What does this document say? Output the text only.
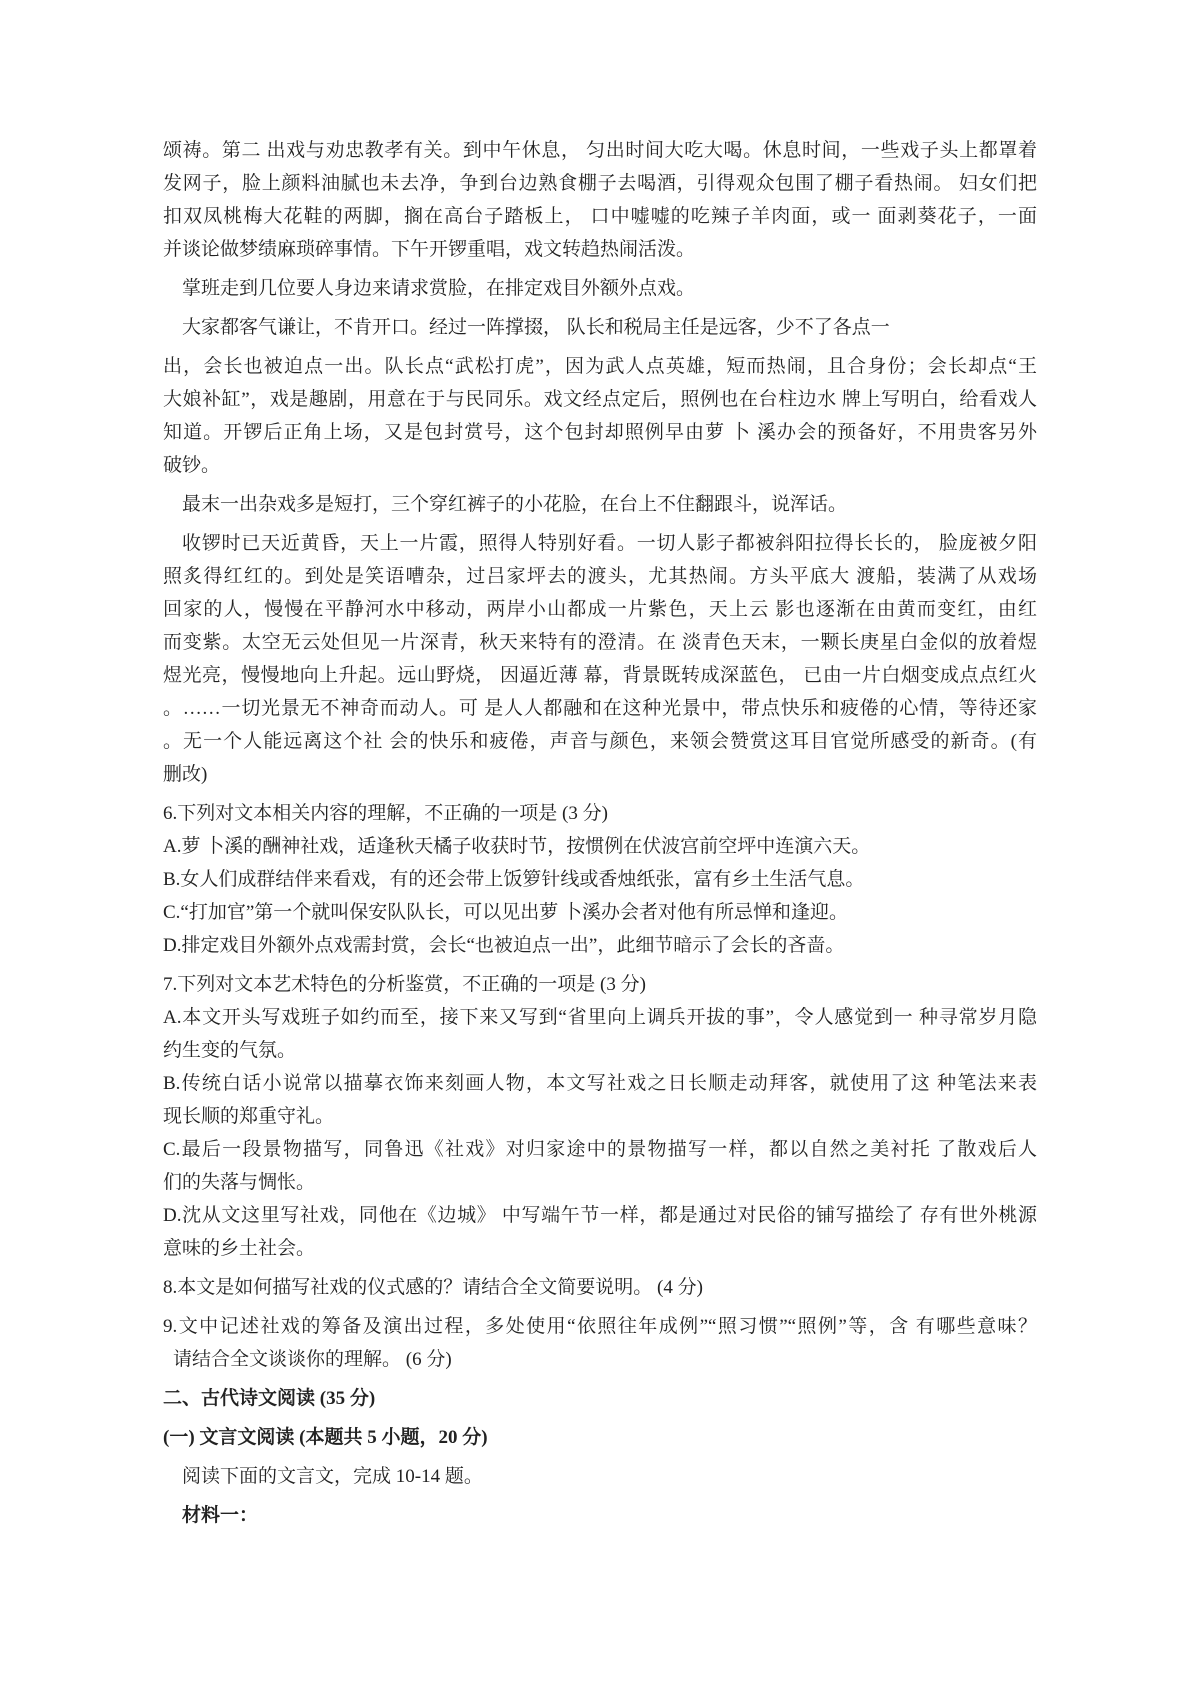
颂祷。第二 出戏与劝忠教孝有关。到中午休息， 匀出时间大吃大喝。休息时间，一些戏子头上都罩着
发网子，脸上颜料油腻也未去净，争到台边熟食棚子去喝酒，引得观众包围了棚子看热闹。 妇女们把
扣双凤桃梅大花鞋的两脚，搁在高台子踏板上， 口中嘘嘘的吃辣子羊肉面，或一 面剥葵花子，一面
并谈论做梦绩麻琐碎事情。下午开锣重唱，戏文转趋热闹活泼。
掌班走到几位要人身边来请求赏脸，在排定戏目外额外点戏。
大家都客气谦让，不肯开口。经过一阵撑掇， 队长和税局主任是远客，少不了各点一
出，会长也被迫点一出。队长点“武松打虎”，因为武人点英雄，短而热闹，且合身份；会长却点“王
大娘补缸”，戏是趣剧，用意在于与民同乐。戏文经点定后，照例也在台柱边水 牌上写明白，给看戏人
知道。开锣后正角上场，又是包封赏号，这个包封却照例早由萝 卜 溪办会的预备好，不用贵客另外
破钞。
最末一出杂戏多是短打，三个穿红裤子的小花脸，在台上不住翻跟斗，说浑话。
收锣时已天近黄昏，天上一片霞，照得人特别好看。一切人影子都被斜阳拉得长长的， 脸庞被夕阳
照炙得红红的。到处是笑语嘈杂，过吕家坪去的渡头，尤其热闹。方头平底大 渡船，装满了从戏场
回家的人，慢慢在平静河水中移动，两岸小山都成一片紫色，天上云 影也逐渐在由黄而变红，由红
而变紫。太空无云处但见一片深青，秋天来特有的澄清。在 淡青色天末，一颗长庚星白金似的放着煜
煜光亮，慢慢地向上升起。远山野烧， 因逼近薄 幕，背景既转成深蓝色， 已由一片白烟变成点点红火
。……一切光景无不神奇而动人。可 是人人都融和在这种光景中，带点快乐和疲倦的心情，等待还家
。无一个人能远离这个社 会的快乐和疲倦，声音与颜色，来领会赞赏这耳目官觉所感受的新奇。(有
删改)
6.下列对文本相关内容的理解，不正确的一项是 (3 分)
A.萝 卜溪的酬神社戏，适逢秋天橘子收获时节，按惯例在伏波宫前空坪中连演六天。
B.女人们成群结伴来看戏，有的还会带上饭箩针线或香烛纸张，富有乡土生活气息。
C.“打加官”第一个就叫保安队队长，可以见出萝 卜溪办会者对他有所忌惮和逢迎。
D.排定戏目外额外点戏需封赏，会长“也被迫点一出”，此细节暗示了会长的吝啬。
7.下列对文本艺术特色的分析鉴赏，不正确的一项是 (3 分)
A.本文开头写戏班子如约而至，接下来又写到“省里向上调兵开拔的事”，令人感觉到一 种寻常岁月隐
约生变的气氛。
B.传统白话小说常以描摹衣饰来刻画人物，本文写社戏之日长顺走动拜客，就使用了这 种笔法来表
现长顺的郑重守礼。
C.最后一段景物描写，同鲁迅《社戏》对归家途中的景物描写一样，都以自然之美衬托 了散戏后人
们的失落与惆怅。
D.沈从文这里写社戏，同他在《边城》 中写端午节一样，都是通过对民俗的铺写描绘了 存有世外桃源
意味的乡土社会。
8.本文是如何描写社戏的仪式感的？请结合全文简要说明。 (4 分)
9.文中记述社戏的筹备及演出过程，多处使用“依照往年成例”“照习惯”“照例”等，含 有哪些意味？
请结合全文谈谈你的理解。 (6 分)
二、古代诗文阅读 (35 分)
(一) 文言文阅读 (本题共 5 小题，20 分)
阅读下面的文言文，完成 10-14 题。
材料一：
